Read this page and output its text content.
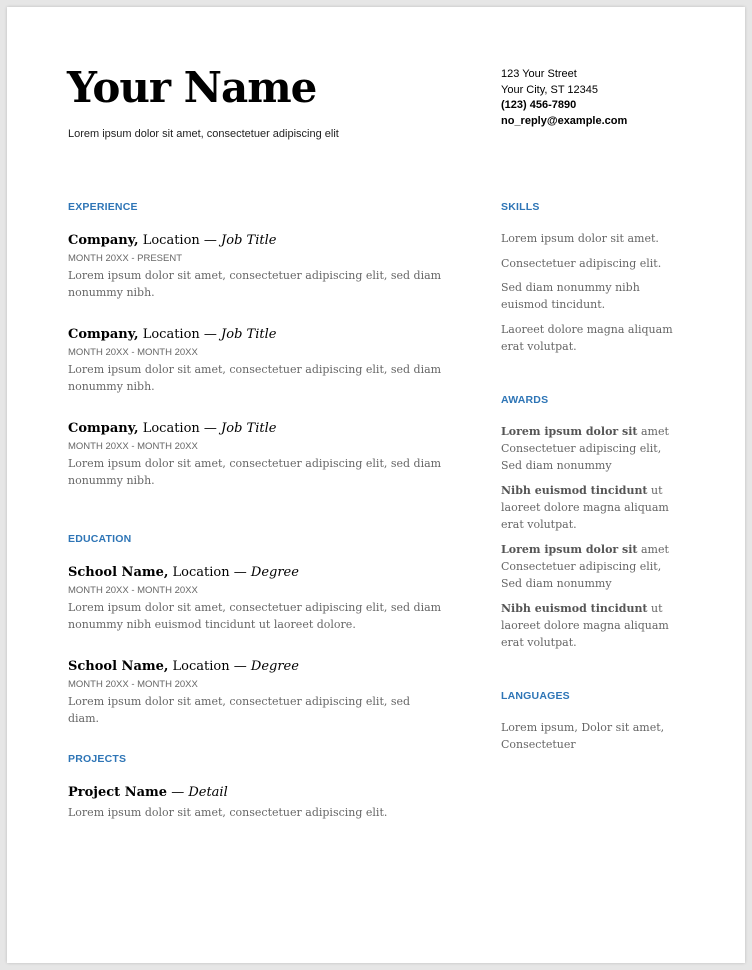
Your Name

Lorem ipsum dolor sit amet, consectetuer adipiscing elit

123 Your Street
Your City, ST 12345
(123) 456-7890
no_reply@example.com
EXPERIENCE
Company, Location — Job Title
MONTH 20XX - PRESENT
Lorem ipsum dolor sit amet, consectetuer adipiscing elit, sed diam nonummy nibh.
Company, Location — Job Title
MONTH 20XX - MONTH 20XX
Lorem ipsum dolor sit amet, consectetuer adipiscing elit, sed diam nonummy nibh.
Company, Location — Job Title
MONTH 20XX - MONTH 20XX
Lorem ipsum dolor sit amet, consectetuer adipiscing elit, sed diam nonummy nibh.
EDUCATION
School Name, Location — Degree
MONTH 20XX - MONTH 20XX
Lorem ipsum dolor sit amet, consectetuer adipiscing elit, sed diam nonummy nibh euismod tincidunt ut laoreet dolore.
School Name, Location — Degree
MONTH 20XX - MONTH 20XX
Lorem ipsum dolor sit amet, consectetuer adipiscing elit, sed diam.
PROJECTS
Project Name — Detail
Lorem ipsum dolor sit amet, consectetuer adipiscing elit.
SKILLS
Lorem ipsum dolor sit amet.
Consectetuer adipiscing elit.
Sed diam nonummy nibh euismod tincidunt.
Laoreet dolore magna aliquam erat volutpat.
AWARDS
Lorem ipsum dolor sit amet Consectetuer adipiscing elit, Sed diam nonummy
Nibh euismod tincidunt ut laoreet dolore magna aliquam erat volutpat.
Lorem ipsum dolor sit amet Consectetuer adipiscing elit, Sed diam nonummy
Nibh euismod tincidunt ut laoreet dolore magna aliquam erat volutpat.
LANGUAGES
Lorem ipsum, Dolor sit amet, Consectetuer
